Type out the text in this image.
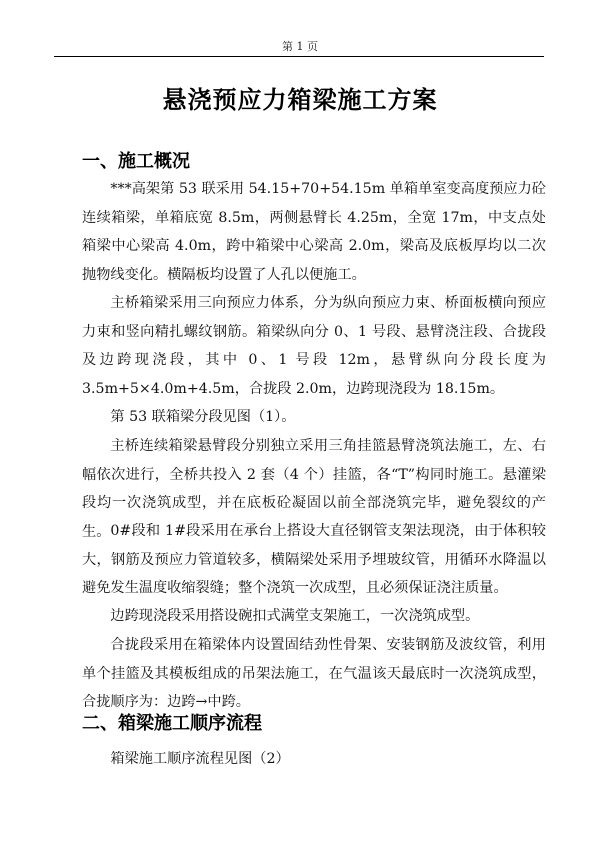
第 1 页
悬浇预应力箱梁施工方案
一、施工概况

***高架第 53 联采用 54.15+70+54.15m 单箱单室变高度预应力砼连续箱梁，单箱底宽 8.5m，两侧悬臂长 4.25m，全宽 17m，中支点处箱梁中心梁高 4.0m，跨中箱梁中心梁高 2.0m，梁高及底板厚均以二次抛物线变化。横隔板均设置了人孔以便施工。

主桥箱梁采用三向预应力体系，分为纵向预应力束、桥面板横向预应力束和竖向精扎螺纹钢筋。箱梁纵向分 0、1 号段、悬臂浇注段、合拢段及边跨现浇段，其中 0、1 号段 12m，悬臂纵向分段长度为 3.5m+5×4.0m+4.5m，合拢段 2.0m，边跨现浇段为 18.15m。

第 53 联箱梁分段见图（1）。

主桥连续箱梁悬臂段分别独立采用三角挂篮悬臂浇筑法施工，左、右幅依次进行，全桥共投入 2 套（4 个）挂篮，各“T”构同时施工。悬灌梁段均一次浇筑成型，并在底板砼凝固以前全部浇筑完毕，避免裂纹的产生。 0#段和 1#段采用在承台上搭设大直径钢管支架法现浇，由于体积较大，钢筋及预应力管道较多，横隔梁处采用予埋玻纹管，用循环水降温以避免发生温度收缩裂缝；整个浇筑一次成型，且必须保证浇注质量。

边跨现浇段采用搭设碗扣式满堂支架施工，一次浇筑成型。

合拢段采用在箱梁体内设置固结劲性骨架、安装钢筋及波纹管，利用单个挂篮及其模板组成的吊架法施工，在气温该天最底时一次浇筑成型，合拢顺序为：边跨→中跨。

二、箱梁施工顺序流程

箱梁施工顺序流程见图（2）
